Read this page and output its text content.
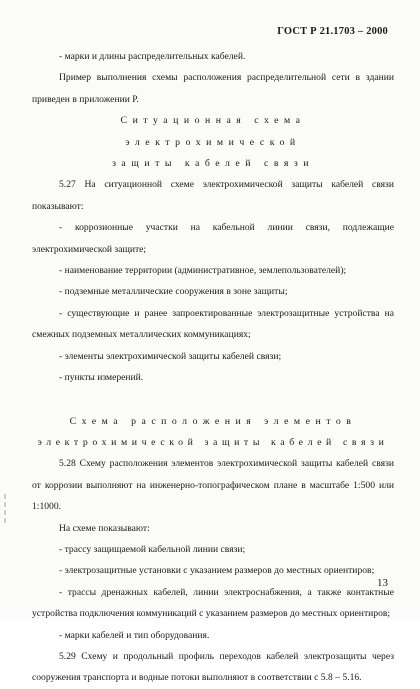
ГОСТ Р 21.1703 – 2000

- марки и длины распределительных кабелей.

Пример выполнения схемы расположения распределительной сети в здании приведен в приложении Р.

Ситуационная схема электрохимической

защиты кабелей связи

5.27 На ситуационной схеме электрохимической защиты кабелей связи показывают:

- коррозионные участки на кабельной линии связи, подлежащие электрохимической защите;

- наименование территории (административное, землепользователей);

- подземные металлические сооружения в зоне защиты;

- существующие и ранее запроектированные электрозащитные устройства на смежных подземных металлических коммуникациях;

- элементы электрохимической защиты кабелей связи;

- пункты измерений.

Схема расположения элементов

электрохимической защиты кабелей связи

5.28 Схему расположения элементов электрохимической защиты кабелей связи от коррозии выполняют на инженерно-топографическом плане в масштабе 1:500 или 1:1000.

На схеме показывают:

- трассу защищаемой кабельной линии связи;

- электрозащитные установки с указанием размеров до местных ориентиров;

- трассы дренажных кабелей, линии электроснабжения, а также контактные устройства подключения коммуникаций с указанием размеров до местных ориентиров;

- марки кабелей и тип оборудования.

5.29 Схему и продольный профиль переходов кабелей электрозащиты через сооружения транспорта и водные потоки выполняют в соответствии с 5.8 – 5.16.

13
